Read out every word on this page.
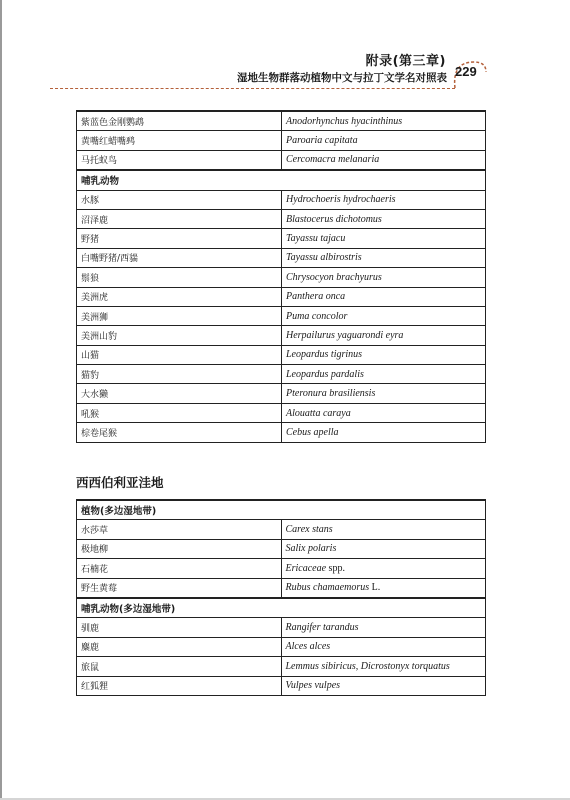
附录(第三章)
湿地生物群落动植物中文与拉丁文学名对照表 229
紫蓝色金刚鹦鹉	Anodorhynchus hyacinthinus
黄嘴红蜡嘴鹀	Paroaria capitata
马托蚁鸟	Cercomacra melanaria
哺乳动物	
水豚	Hydrochoeris hydrochaeris
沼泽鹿	Blastocerus dichotomus
野猪	Tayassu tajacu
白嘴野猪/西貒	Tayassu albirostris
鬃狼	Chrysocyon brachyurus
美洲虎	Panthera onca
美洲狮	Puma concolor
美洲山豹	Herpailurus yaguarondi eyra
山猫	Leopardus tigrinus
猫豹	Leopardus pardalis
大水獭	Pteronura brasiliensis
吼猴	Alouatta caraya
棕卷尾猴	Cebus apella
西西伯利亚洼地
植物(多边湿地带)	
水莎草	Carex stans
极地柳	Salix polaris
石楠花	Ericaceae spp.
野生黄莓	Rubus chamaemorus L.
哺乳动物(多边湿地带)	
驯鹿	Rangifer tarandus
麋鹿	Alces alces
旅鼠	Lemmus sibiricus, Dicrostonyx torquatus
红狐狸	Vulpes vulpes
